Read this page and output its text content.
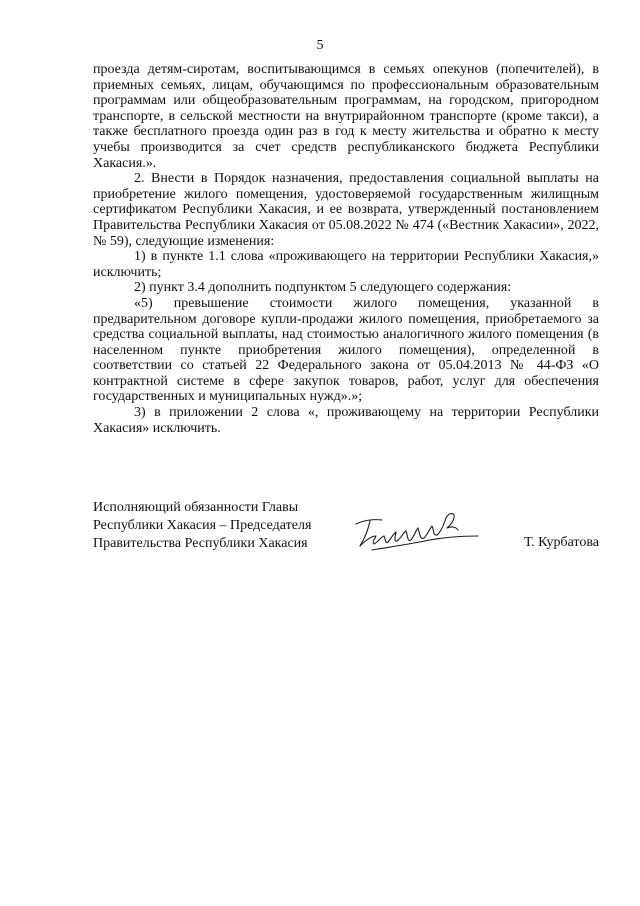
5

проезда детям-сиротам, воспитывающимся в семьях опекунов (попечителей), в приемных семьях, лицам, обучающимся по профессиональным образовательным программам или общеобразовательным программам, на городском, пригородном транспорте, в сельской местности на внутрирайонном транспорте (кроме такси), а также бесплатного проезда один раз в год к месту жительства и обратно к месту учебы производится за счет средств республиканского бюджета Республики Хакасия.».

2. Внести в Порядок назначения, предоставления социальной выплаты на приобретение жилого помещения, удостоверяемой государственным жилищным сертификатом Республики Хакасия, и ее возврата, утвержденный постановлением Правительства Республики Хакасия от 05.08.2022 № 474 («Вестник Хакасии», 2022, № 59), следующие изменения:

1) в пункте 1.1 слова «проживающего на территории Республики Хакасия,» исключить;

2) пункт 3.4 дополнить подпунктом 5 следующего содержания:

«5) превышение стоимости жилого помещения, указанной в предварительном договоре купли-продажи жилого помещения, приобретаемого за средства социальной выплаты, над стоимостью аналогичного жилого помещения (в населенном пункте приобретения жилого помещения), определенной в соответствии со статьей 22 Федерального закона от 05.04.2013 № 44-ФЗ «О контрактной системе в сфере закупок товаров, работ, услуг для обеспечения государственных и муниципальных нужд».»;

3) в приложении 2 слова «, проживающему на территории Республики Хакасия» исключить.

Исполняющий обязанности Главы
Республики Хакасия – Председателя
Правительства Республики Хакасия	Т. Курбатова
